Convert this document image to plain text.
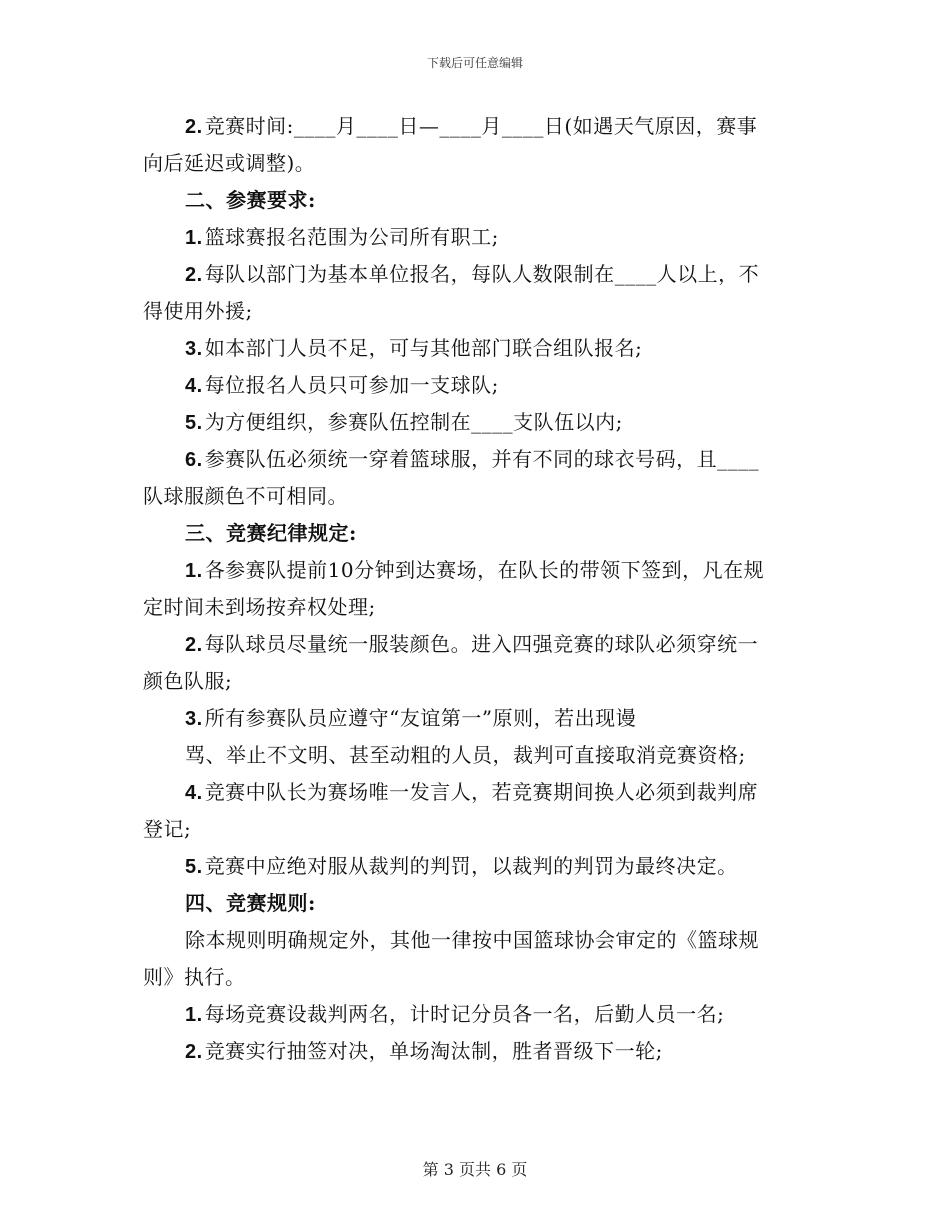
下载后可任意编辑
2. 竞赛时间:____月____日—____月____日(如遇天气原因，赛事
向后延迟或调整)。
二、参赛要求:
1. 篮球赛报名范围为公司所有职工;
2. 每队以部门为基本单位报名，每队人数限制在____人以上，不
得使用外援;
3. 如本部门人员不足，可与其他部门联合组队报名;
4. 每位报名人员只可参加一支球队;
5. 为方便组织，参赛队伍控制在____支队伍以内;
6. 参赛队伍必须统一穿着篮球服，并有不同的球衣号码，且____
队球服颜色不可相同。
三、竞赛纪律规定:
1. 各参赛队提前10分钟到达赛场，在队长的带领下签到，凡在规
定时间未到场按弃权处理;
2. 每队球员尽量统一服装颜色。进入四强竞赛的球队必须穿统一
颜色队服;
3. 所有参赛队员应遵守“友谊第一”原则，若出现谩
骂、举止不文明、甚至动粗的人员，裁判可直接取消竞赛资格;
4. 竞赛中队长为赛场唯一发言人，若竞赛期间换人必须到裁判席
登记;
5. 竞赛中应绝对服从裁判的判罚，以裁判的判罚为最终决定。
四、竞赛规则:
除本规则明确规定外，其他一律按中国篮球协会审定的《篮球规
则》执行。
1. 每场竞赛设裁判两名，计时记分员各一名，后勤人员一名;
2. 竞赛实行抽签对决，单场淘汰制，胜者晋级下一轮;
第 3 页共 6 页
